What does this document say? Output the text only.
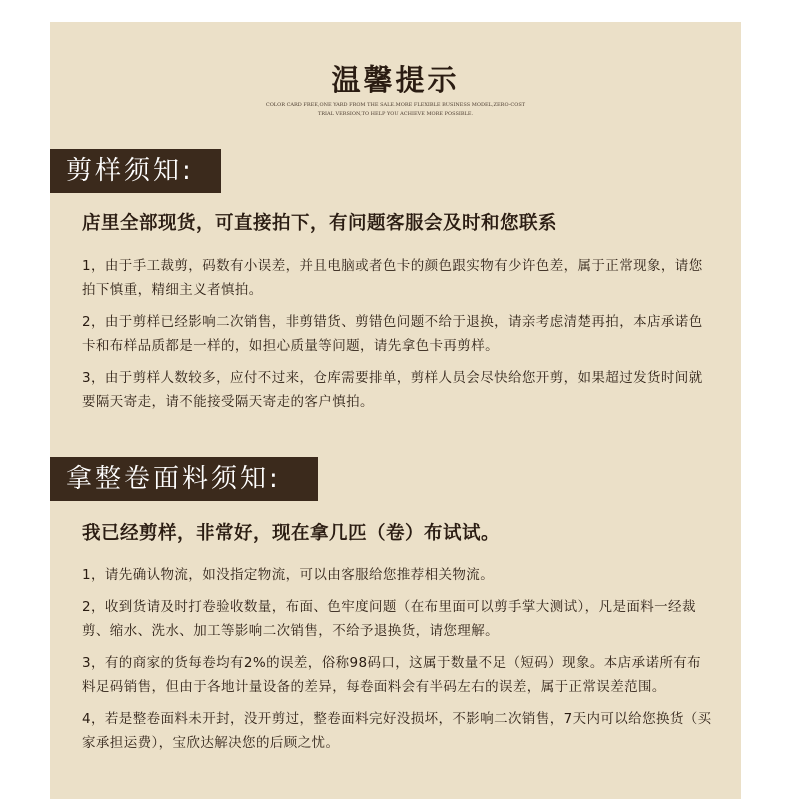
温馨提示
COLOR CARD FREE,ONE YARD FROM THE SALE.MORE FLEXIBLE BUSINESS MODEL,ZERO-COST
TRIAL VERSION,TO HELP YOU ACHIEVE MORE POSSIBLE.
剪样须知:
店里全部现货，可直接拍下，有问题客服会及时和您联系
1，由于手工裁剪，码数有小误差，并且电脑或者色卡的颜色跟实物有少许色差，属于正常现象，请您拍下慎重，精细主义者慎拍。
2，由于剪样已经影响二次销售，非剪错货、剪错色问题不给于退换，请亲考虑清楚再拍，本店承诺色卡和布样品质都是一样的，如担心质量等问题，请先拿色卡再剪样。
3，由于剪样人数较多，应付不过来，仓库需要排单，剪样人员会尽快给您开剪，如果超过发货时间就要隔天寄走，请不能接受隔天寄走的客户慎拍。
拿整卷面料须知:
我已经剪样，非常好，现在拿几匹（卷）布试试。
1，请先确认物流，如没指定物流，可以由客服给您推荐相关物流。
2，收到货请及时打卷验收数量，布面、色牢度问题（在布里面可以剪手掌大测试），凡是面料一经裁剪、缩水、洗水、加工等影响二次销售，不给予退换货，请您理解。
3，有的商家的货每卷均有2%的误差，俗称98码口，这属于数量不足（短码）现象。本店承诺所有布料足码销售，但由于各地计量设备的差异，每卷面料会有半码左右的误差，属于正常误差范围。
4，若是整卷面料未开封，没开剪过，整卷面料完好没损坏，不影响二次销售，7天内可以给您换货（买家承担运费），宝欣达解决您的后顾之忧。
